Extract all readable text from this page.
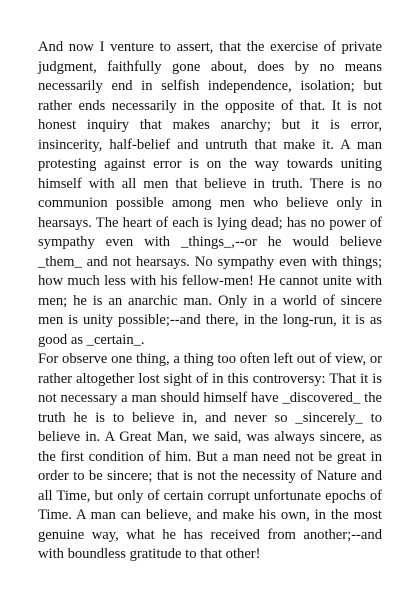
And now I venture to assert, that the exercise of private judgment, faithfully gone about, does by no means necessarily end in selfish independence, isolation; but rather ends necessarily in the opposite of that. It is not honest inquiry that makes anarchy; but it is error, insincerity, half-belief and untruth that make it. A man protesting against error is on the way towards uniting himself with all men that believe in truth. There is no communion possible among men who believe only in hearsays. The heart of each is lying dead; has no power of sympathy even with _things_,--or he would believe _them_ and not hearsays. No sympathy even with things; how much less with his fellow-men! He cannot unite with men; he is an anarchic man. Only in a world of sincere men is unity possible;--and there, in the long-run, it is as good as _certain_.

For observe one thing, a thing too often left out of view, or rather altogether lost sight of in this controversy: That it is not necessary a man should himself have _discovered_ the truth he is to believe in, and never so _sincerely_ to believe in. A Great Man, we said, was always sincere, as the first condition of him. But a man need not be great in order to be sincere; that is not the necessity of Nature and all Time, but only of certain corrupt unfortunate epochs of Time. A man can believe, and make his own, in the most genuine way, what he has received from another;--and with boundless gratitude to that other!
